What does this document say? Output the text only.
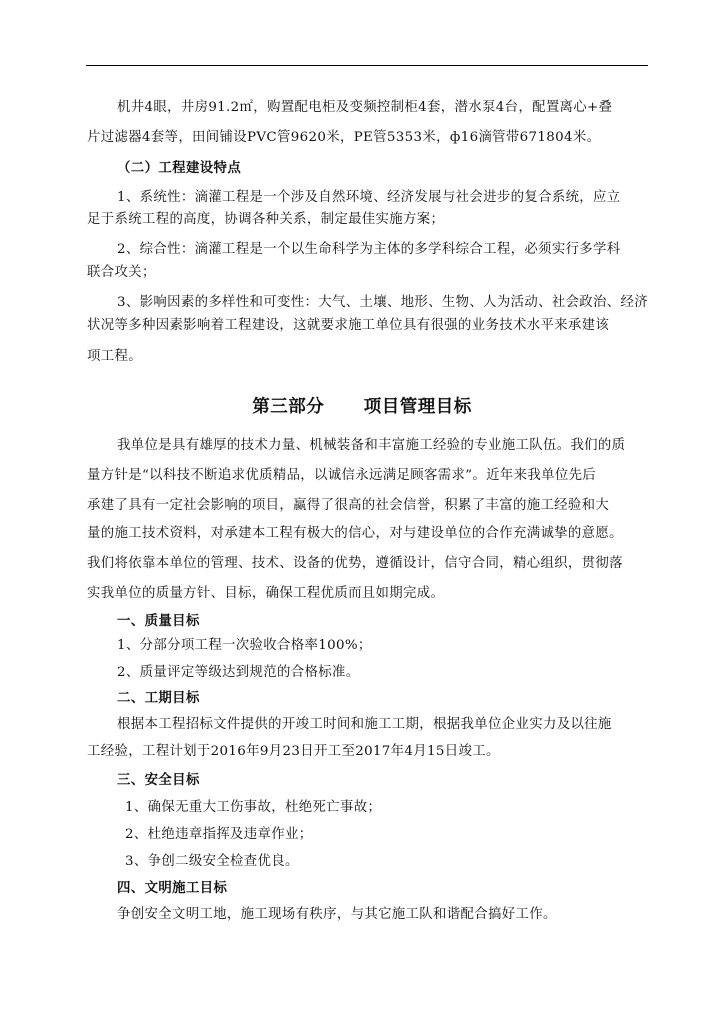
机井4眼，井房91.2㎡，购置配电柜及变频控制柜4套，潜水泵4台，配置离心+叠
片过滤器4套等，田间铺设PVC管9620米，PE管5353米，ф16滴管带671804米。
（二）工程建设特点
1、系统性：滴灌工程是一个涉及自然环境、经济发展与社会进步的复合系统，应立
足于系统工程的高度，协调各种关系，制定最佳实施方案；
2、综合性：滴灌工程是一个以生命科学为主体的多学科综合工程，必须实行多学科
联合攻关；
3、影响因素的多样性和可变性：大气、土壤、地形、生物、人为活动、社会政治、经济
状况等多种因素影响着工程建设，这就要求施工单位具有很强的业务技术水平来承建该
项工程。
第三部分      项目管理目标
我单位是具有雄厚的技术力量、机械装备和丰富施工经验的专业施工队伍。我们的质
量方针是“以科技不断追求优质精品，以诚信永远满足顾客需求”。近年来我单位先后
承建了具有一定社会影响的项目，赢得了很高的社会信誉，积累了丰富的施工经验和大
量的施工技术资料，对承建本工程有极大的信心，对与建设单位的合作充满诚挚的意愿。
我们将依靠本单位的管理、技术、设备的优势，遵循设计，信守合同，精心组织，贯彻落
实我单位的质量方针、目标，确保工程优质而且如期完成。
一、质量目标
1、分部分项工程一次验收合格率100%；
2、质量评定等级达到规范的合格标准。
二、工期目标
根据本工程招标文件提供的开竣工时间和施工工期，根据我单位企业实力及以往施
工经验，工程计划于2016年9月23日开工至2017年4月15日竣工。
三、安全目标
1、确保无重大工伤事故，杜绝死亡事故；
2、杜绝违章指挥及违章作业；
3、争创二级安全检查优良。
四、文明施工目标
争创安全文明工地，施工现场有秩序，与其它施工队和谐配合搞好工作。
